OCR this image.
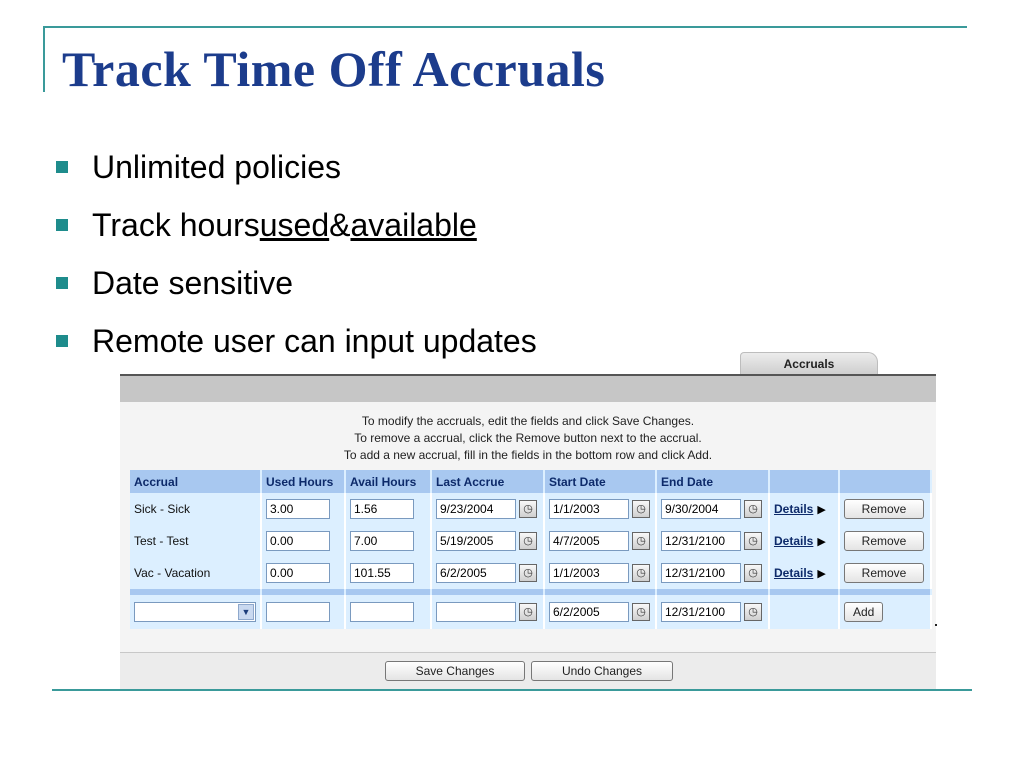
Track Time Off Accruals
Unlimited policies
Track hours used & available
Date sensitive
Remote user can input updates
Accruals

To modify the accruals, edit the fields and click Save Changes.
To remove a accrual, click the Remove button next to the accrual.
To add a new accrual, fill in the fields in the bottom row and click Add.

Accrual	Used Hours	Avail Hours	Last Accrue	Start Date	End Date		
Sick - Sick	3.00	1.56	9/23/2004◷	1/1/2003◷	9/30/2004◷	Details ▶	Remove
Test - Test	0.00	7.00	5/19/2005◷	4/7/2005◷	12/31/2100◷	Details ▶	Remove
Vac - Vacation	0.00	101.55	6/2/2005◷	1/1/2003◷	12/31/2100◷	Details ▶	Remove

▼			◷	6/2/2005◷	12/31/2100◷		Add
Save Changes	Undo Changes
